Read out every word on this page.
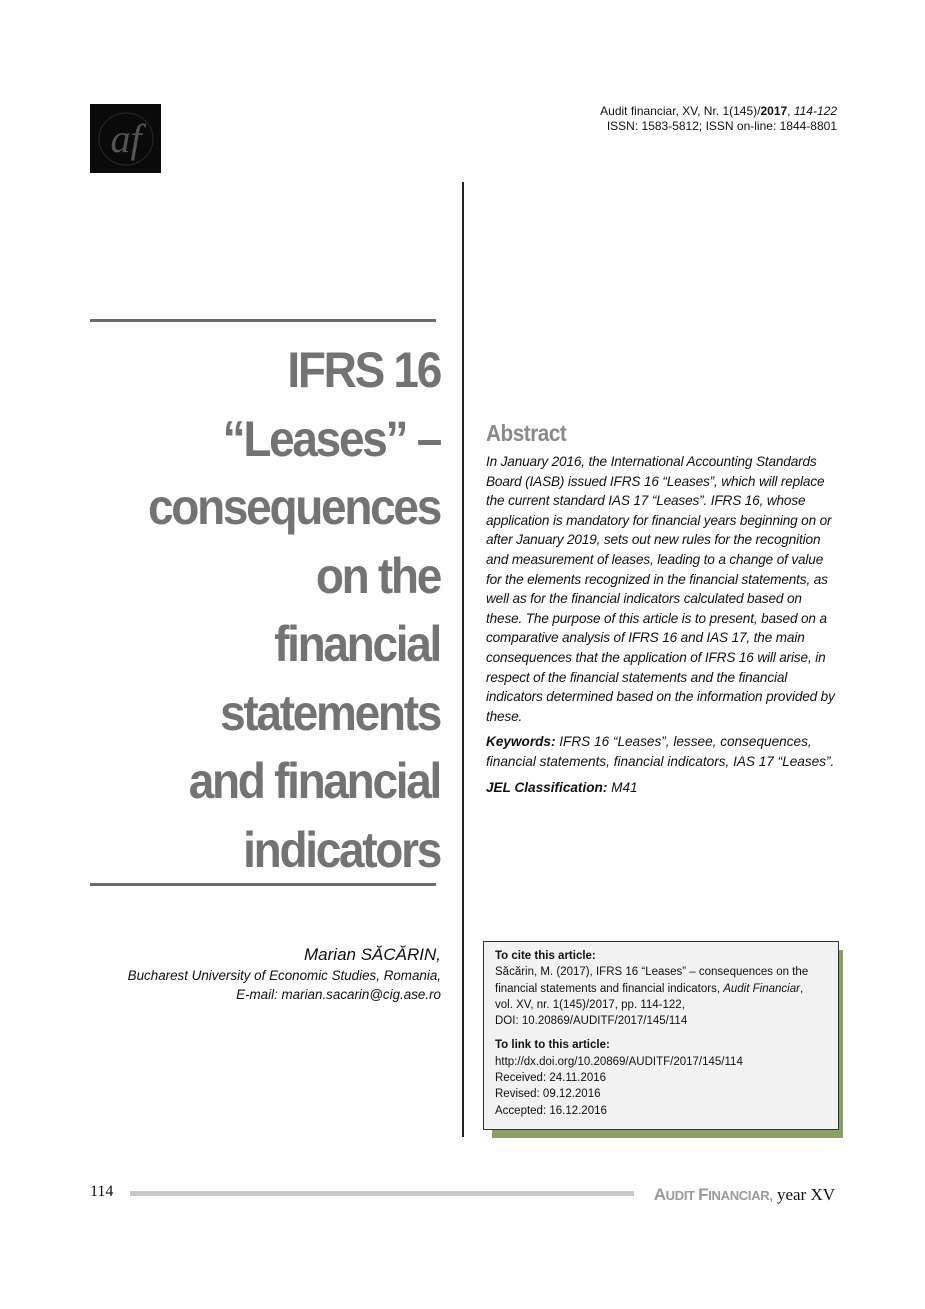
af
Audit financiar, XV, Nr. 1(145)/2017, 114-122
ISSN: 1583-5812; ISSN on-line: 1844-8801
IFRS 16
“Leases” –
consequences
on the
financial
statements
and financial
indicators
Abstract

In January 2016, the International Accounting Standards Board (IASB) issued IFRS 16 “Leases”, which will replace the current standard IAS 17 “Leases”. IFRS 16, whose application is mandatory for financial years beginning on or after January 2019, sets out new rules for the recognition and measurement of leases, leading to a change of value for the elements recognized in the financial statements, as well as for the financial indicators calculated based on these. The purpose of this article is to present, based on a comparative analysis of IFRS 16 and IAS 17, the main consequences that the application of IFRS 16 will arise, in respect of the financial statements and the financial indicators determined based on the information provided by these.

Keywords: IFRS 16 “Leases”, lessee, consequences, financial statements, financial indicators, IAS 17 “Leases”.
JEL Classification: M41
Marian SĂCĂRIN,
Bucharest University of Economic Studies, Romania,
E-mail: marian.sacarin@cig.ase.ro
To cite this article:
Săcărin, M. (2017), IFRS 16 “Leases” – consequences on the
financial statements and financial indicators, Audit Financiar,
vol. XV, nr. 1(145)/2017, pp. 114-122,
DOI: 10.20869/AUDITF/2017/145/114
To link to this article:
http://dx.doi.org/10.20869/AUDITF/2017/145/114
Received: 24.11.2016
Revised: 09.12.2016
Accepted: 16.12.2016
114	AUDIT FINANCIAR, year XV
